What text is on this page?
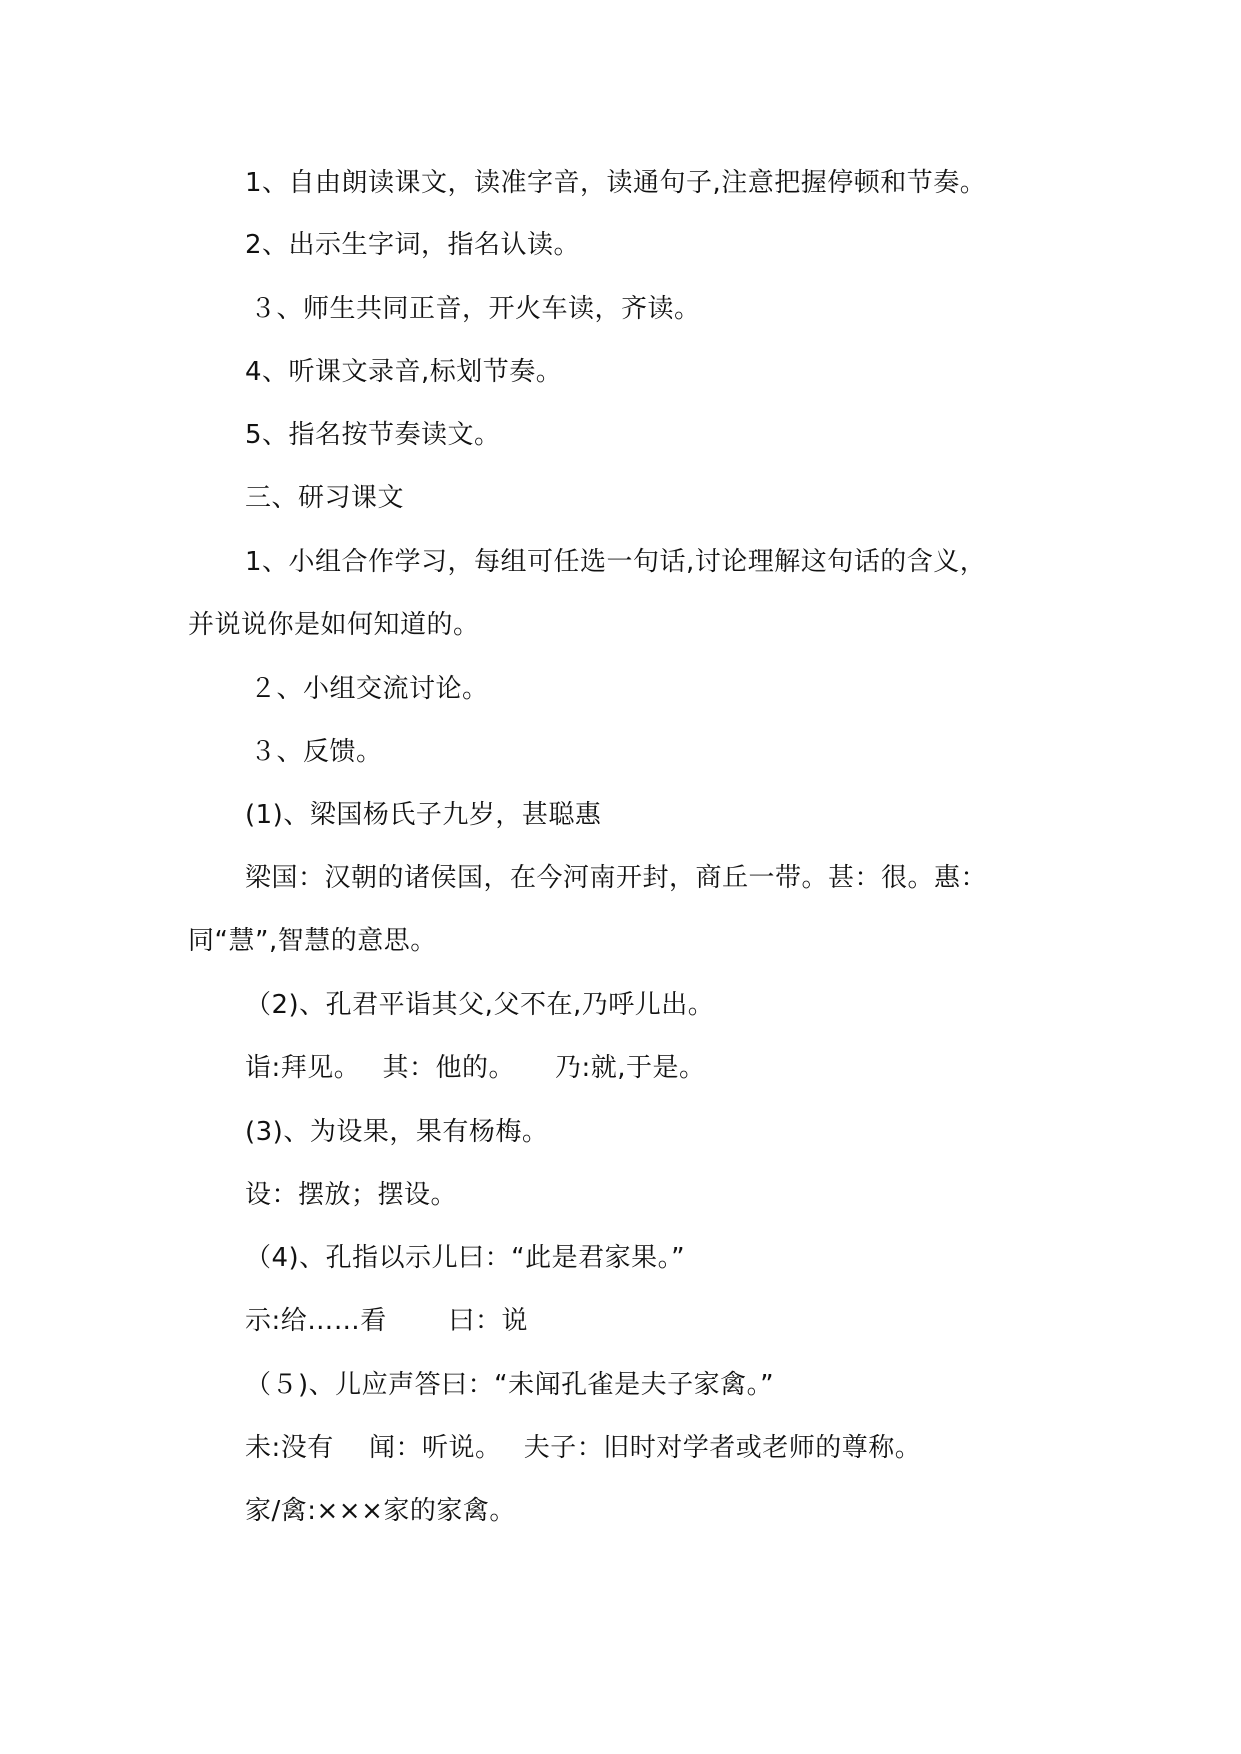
1、自由朗读课文，读准字音，读通句子,注意把握停顿和节奏。
2、出示生字词，指名认读。
３、师生共同正音，开火车读，齐读。
4、听课文录音,标划节奏。
5、指名按节奏读文。
三、研习课文
1、小组合作学习，每组可任选一句话,讨论理解这句话的含义，
并说说你是如何知道的。
２、小组交流讨论。
３、反馈。
(1)、梁国杨氏子九岁，甚聪惠
梁国：汉朝的诸侯国，在今河南开封，商丘一带。甚：很。惠：
同“慧”,智慧的意思。
（2)、孔君平诣其父,父不在,乃呼儿出。
诣:拜见。　 其：他的。　　乃:就,于是。
(3)、为设果，果有杨梅。
设：摆放；摆设。
（4)、孔指以示儿曰：“此是君家果。”
示:给……看　　 曰：说
（５)、儿应声答曰：“未闻孔雀是夫子家禽。”
未:没有　 闻：听说。　 夫子：旧时对学者或老师的尊称。
家/禽:×××家的家禽。
